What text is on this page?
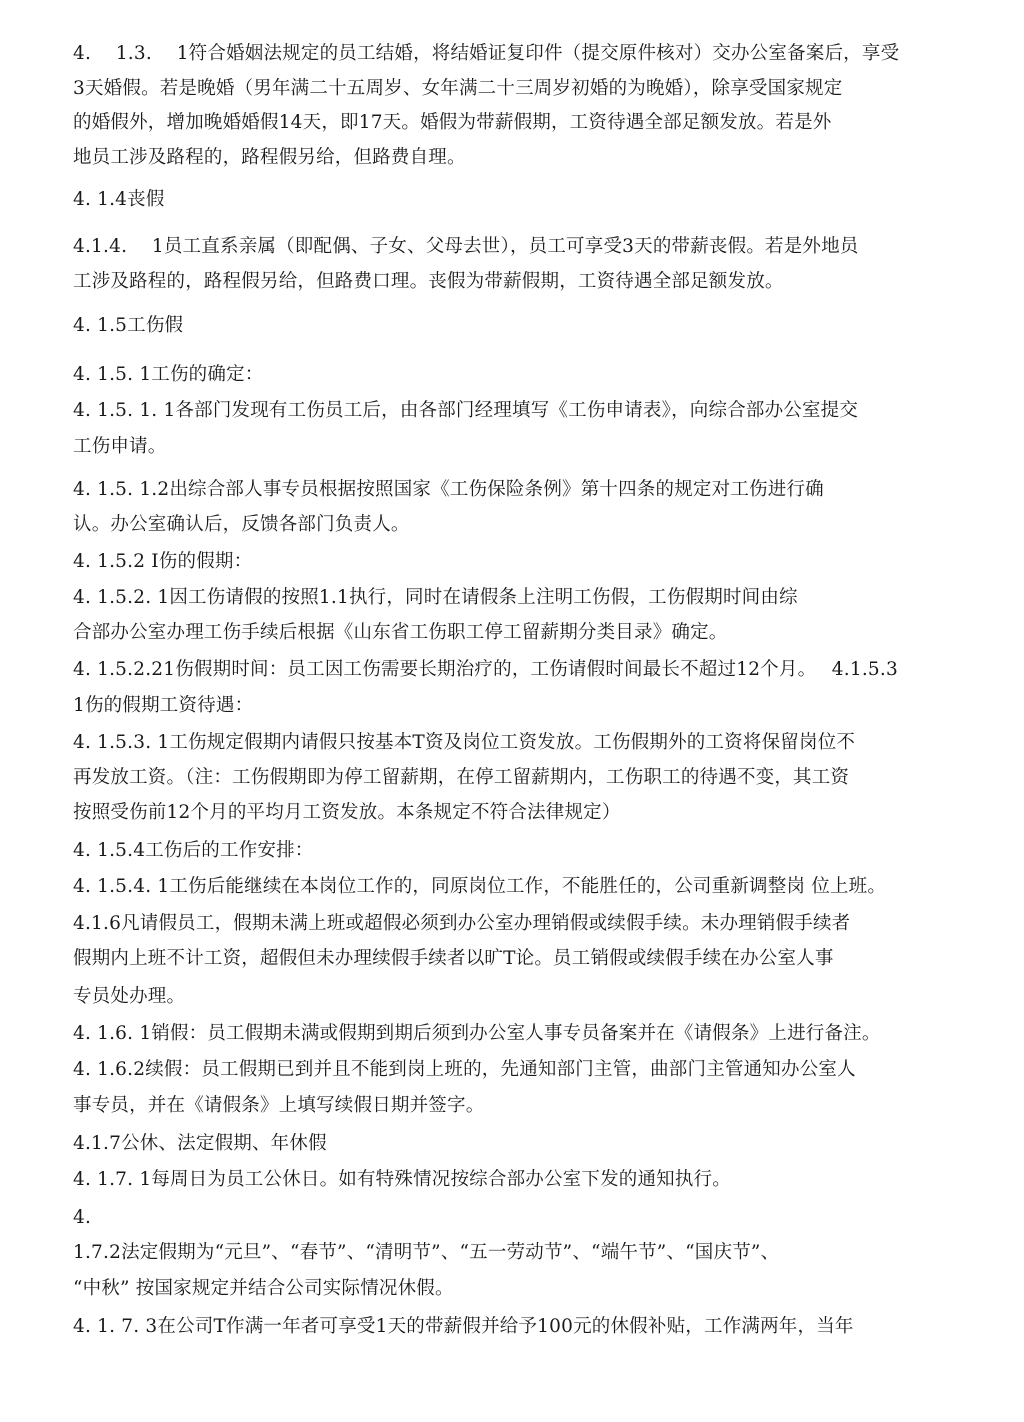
4.　 1.3.　 1符合婚姻法规定的员工结婚，将结婚证复印件（提交原件核对）交办公室备案后，享受
3天婚假。若是晚婚（男年满二十五周岁、女年满二十三周岁初婚的为晚婚），除享受国家规定
的婚假外，增加晚婚婚假14天，即17天。婚假为带薪假期，工资待遇全部足额发放。若是外
地员工涉及路程的，路程假另给，但路费自理。
4. 1.4丧假
4.1.4.　 1员工直系亲属（即配偶、子女、父母去世），员工可享受3天的带薪丧假。若是外地员
工涉及路程的，路程假另给，但路费口理。丧假为带薪假期，工资待遇全部足额发放。
4. 1.5工伤假
4. 1.5. 1工伤的确定：
4. 1.5. 1. 1各部门发现有工伤员工后，由各部门经理填写《工伤申请表》，向综合部办公室提交
工伤申请。
4. 1.5. 1.2出综合部人事专员根据按照国家《工伤保险条例》第十四条的规定对工伤进行确
认。办公室确认后，反馈各部门负责人。
4. 1.5.2 I伤的假期：
4. 1.5.2. 1因工伤请假的按照1.1执行，同时在请假条上注明工伤假，工伤假期时间由综
合部办公室办理工伤手续后根据《山东省工伤职工停工留薪期分类目录》确定。
4. 1.5.2.21伤假期时间：员工因工伤需要长期治疗的，工伤请假时间最长不超过12个月。　 4.1.5.3
1伤的假期工资待遇：
4. 1.5.3. 1工伤规定假期内请假只按基本T资及岗位工资发放。工伤假期外的工资将保留岗位不
再发放工资。（注：工伤假期即为停工留薪期，在停工留薪期内，工伤职工的待遇不变，其工资
按照受伤前12个月的平均月工资发放。本条规定不符合法律规定）
4. 1.5.4工伤后的工作安排：
4. 1.5.4. 1工伤后能继续在本岗位工作的，同原岗位工作，不能胜任的，公司重新调整岗 位上班。
4.1.6凡请假员工，假期未满上班或超假必须到办公室办理销假或续假手续。未办理销假手续者
假期内上班不计工资，超假但未办理续假手续者以旷T论。员工销假或续假手续在办公室人事
专员处办理。
4. 1.6. 1销假：员工假期未满或假期到期后须到办公室人事专员备案并在《请假条》上进行备注。
4. 1.6.2续假：员工假期已到并且不能到岗上班的，先通知部门主管，曲部门主管通知办公室人
事专员，并在《请假条》上填写续假日期并签字。
4.1.7公休、法定假期、年休假
4. 1.7. 1每周日为员工公休日。如有特殊情况按综合部办公室下发的通知执行。
4.
1.7.2法定假期为“元旦”、“春节”、“清明节”、“五一劳动节”、“端午节”、“国庆节”、
“中秋” 按国家规定并结合公司实际情况休假。
4. 1. 7. 3在公司T作满一年者可享受1天的带薪假并给予100元的休假补贴，工作满两年，当年
